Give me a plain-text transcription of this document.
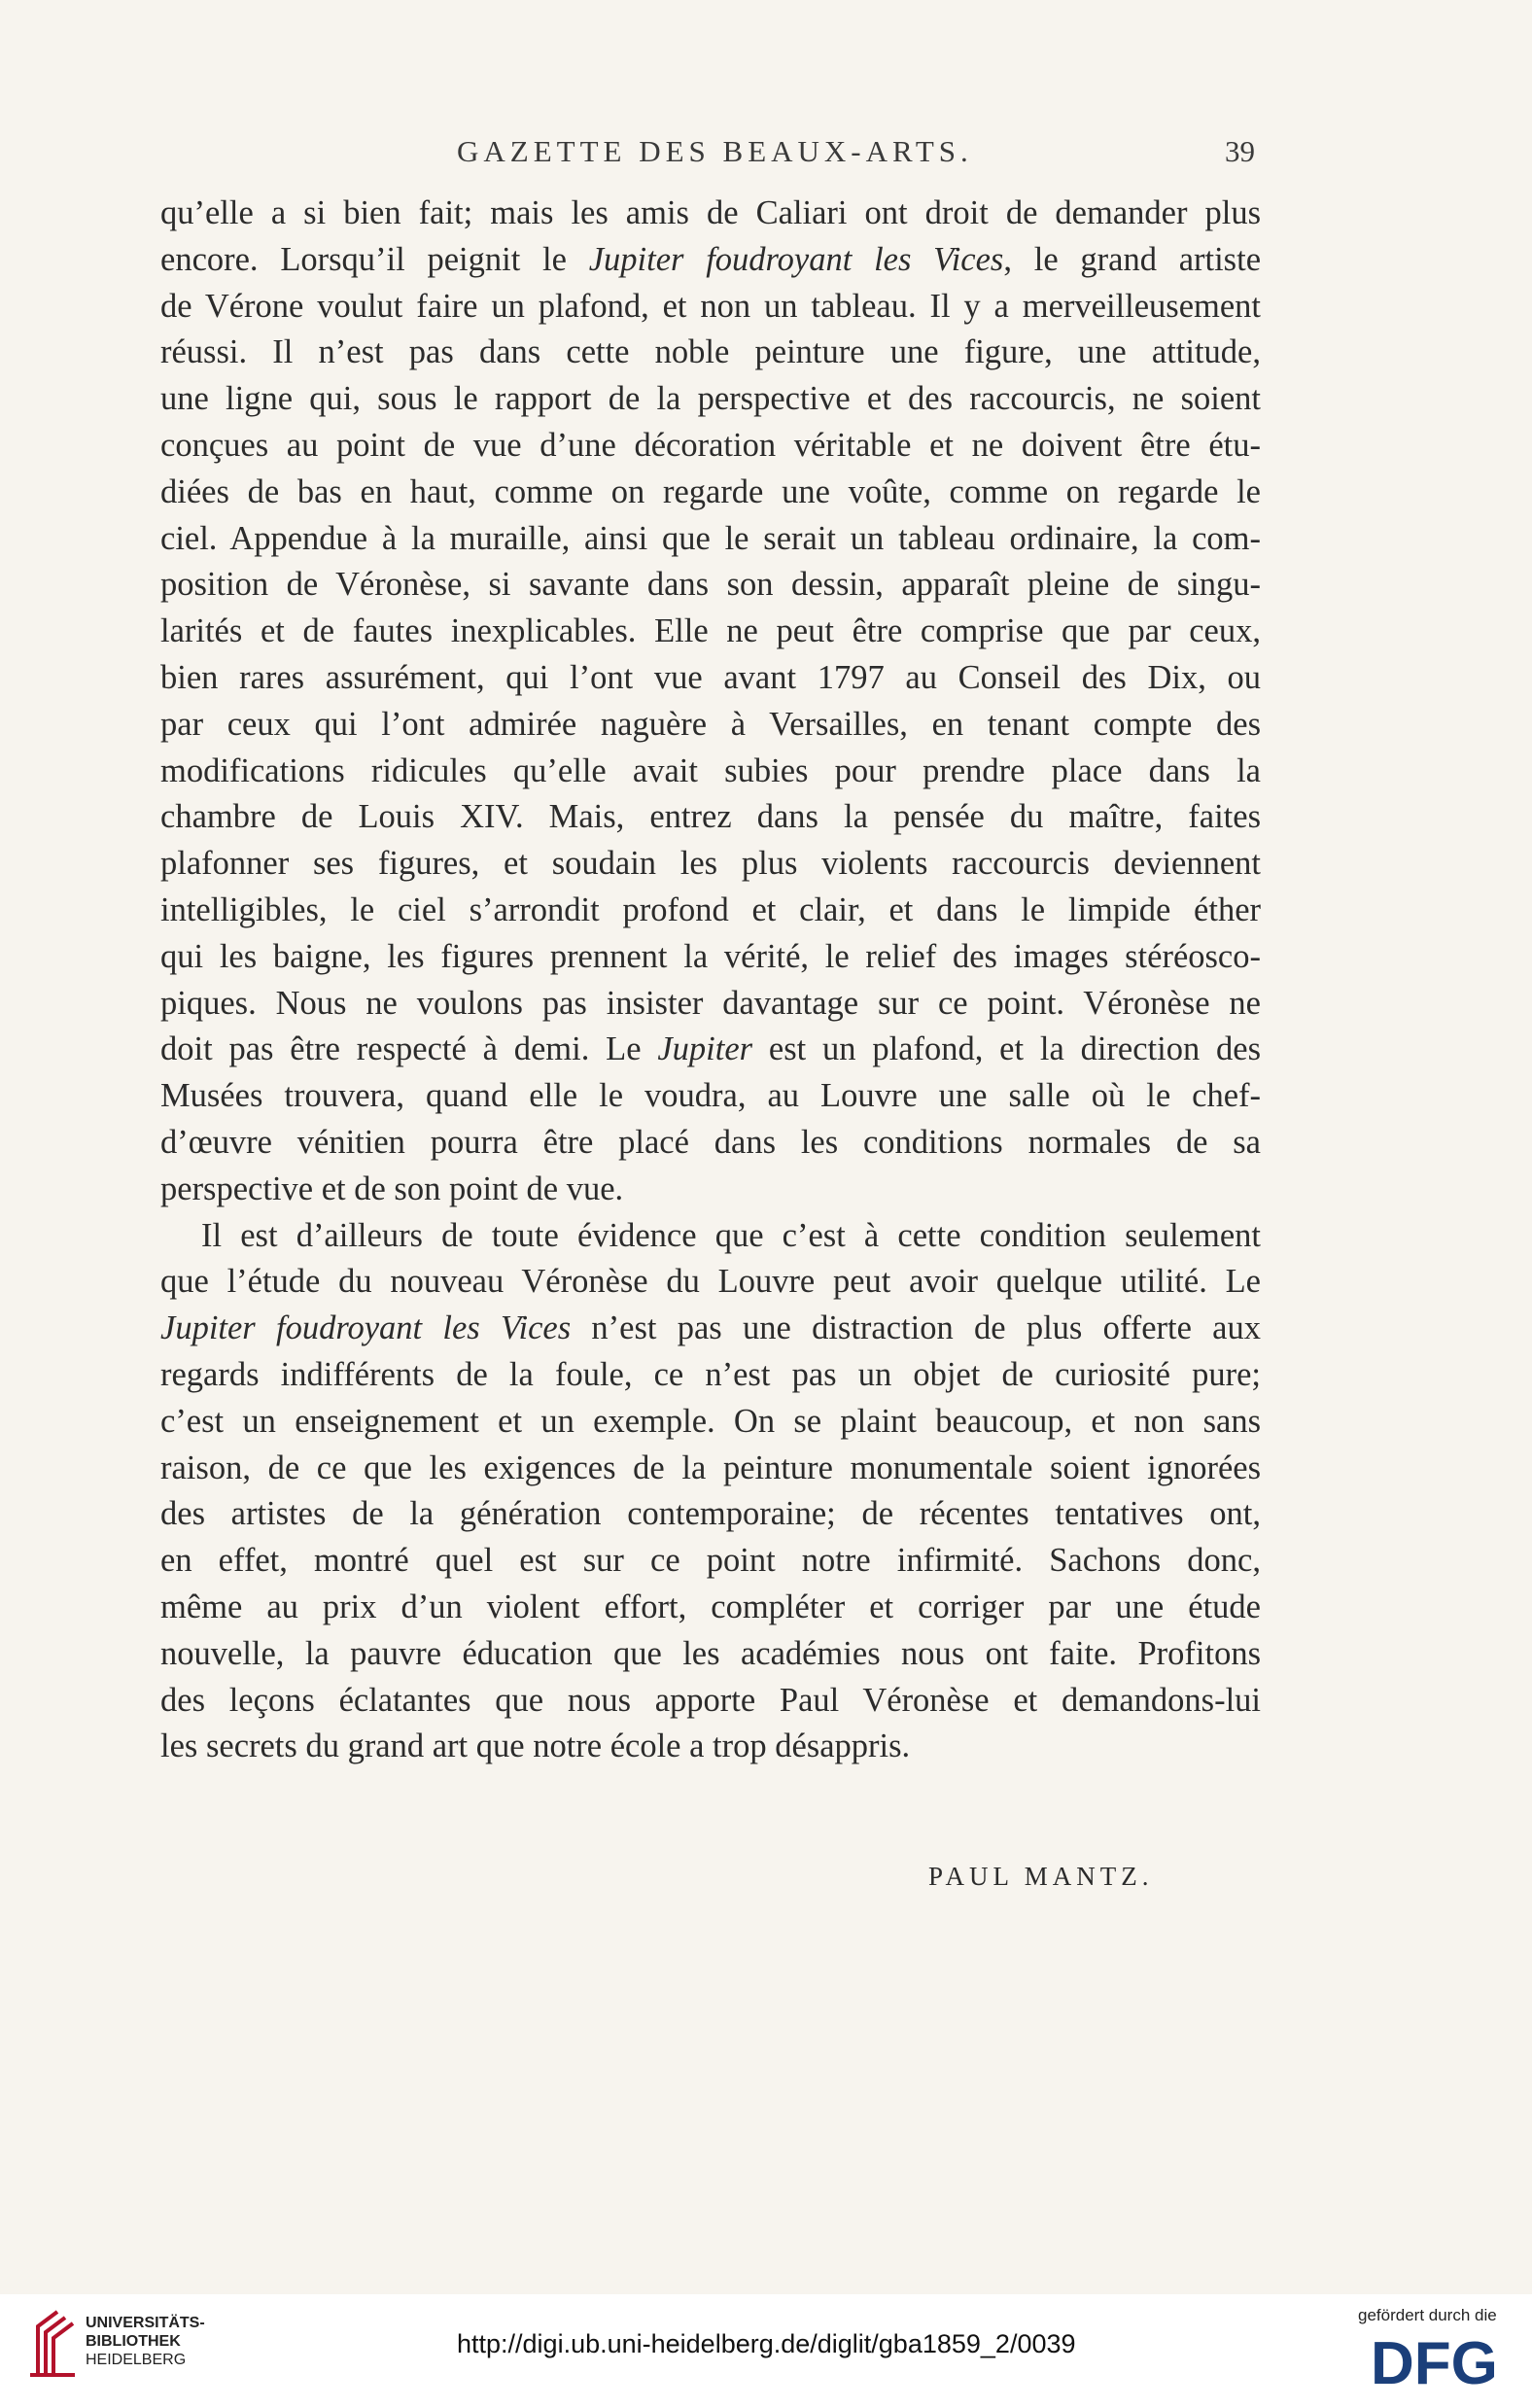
GAZETTE DES BEAUX-ARTS.	39
qu’elle a si bien fait; mais les amis de Caliari ont droit de demander plus
encore. Lorsqu’il peignit le Jupiter foudroyant les Vices, le grand artiste
de Vérone voulut faire un plafond, et non un tableau. Il y a merveilleusement
réussi. Il n’est pas dans cette noble peinture une figure, une attitude,
une ligne qui, sous le rapport de la perspective et des raccourcis, ne soient
conçues au point de vue d’une décoration véritable et ne doivent être étu-
diées de bas en haut, comme on regarde une voûte, comme on regarde le
ciel. Appendue à la muraille, ainsi que le serait un tableau ordinaire, la com-
position de Véronèse, si savante dans son dessin, apparaît pleine de singu-
larités et de fautes inexplicables. Elle ne peut être comprise que par ceux,
bien rares assurément, qui l’ont vue avant 1797 au Conseil des Dix, ou
par ceux qui l’ont admirée naguère à Versailles, en tenant compte des
modifications ridicules qu’elle avait subies pour prendre place dans la
chambre de Louis XIV. Mais, entrez dans la pensée du maître, faites
plafonner ses figures, et soudain les plus violents raccourcis deviennent
intelligibles, le ciel s’arrondit profond et clair, et dans le limpide éther
qui les baigne, les figures prennent la vérité, le relief des images stéréosco-
piques. Nous ne voulons pas insister davantage sur ce point. Véronèse ne
doit pas être respecté à demi. Le Jupiter est un plafond, et la direction des
Musées trouvera, quand elle le voudra, au Louvre une salle où le chef-
d’œuvre vénitien pourra être placé dans les conditions normales de sa
perspective et de son point de vue.
Il est d’ailleurs de toute évidence que c’est à cette condition seulement
que l’étude du nouveau Véronèse du Louvre peut avoir quelque utilité. Le
Jupiter foudroyant les Vices n’est pas une distraction de plus offerte aux
regards indifférents de la foule, ce n’est pas un objet de curiosité pure;
c’est un enseignement et un exemple. On se plaint beaucoup, et non sans
raison, de ce que les exigences de la peinture monumentale soient ignorées
des artistes de la génération contemporaine; de récentes tentatives ont,
en effet, montré quel est sur ce point notre infirmité. Sachons donc,
même au prix d’un violent effort, compléter et corriger par une étude
nouvelle, la pauvre éducation que les académies nous ont faite. Profitons
des leçons éclatantes que nous apporte Paul Véronèse et demandons-lui
les secrets du grand art que notre école a trop désappris.
PAUL MANTZ.
UNIVERSITÄTS-
BIBLIOTHEK
HEIDELBERG
http://digi.ub.uni-heidelberg.de/diglit/gba1859_2/0039
gefördert durch die
DFG
